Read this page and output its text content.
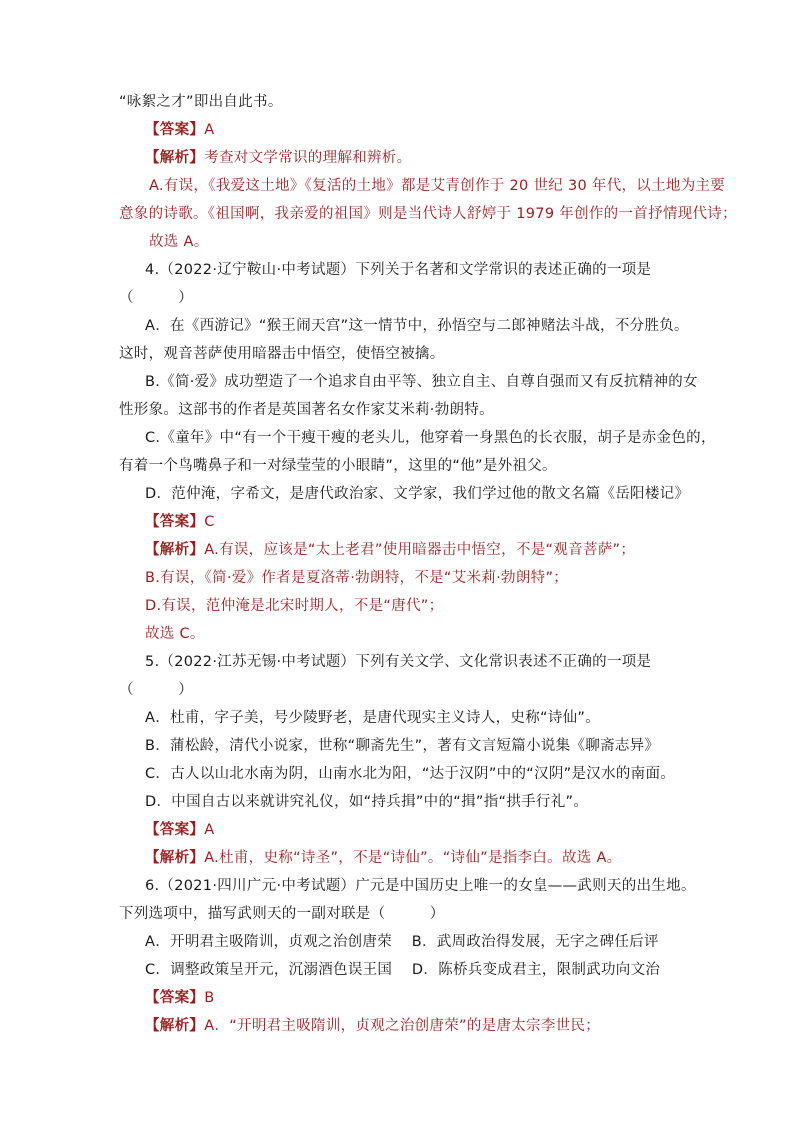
“咏絮之才”即出自此书。
【答案】A
【解析】考查对文学常识的理解和辨析。
A.有误，《我爱这土地》《复活的土地》都是艾青创作于 20 世纪 30 年代，以土地为主要
意象的诗歌。《祖国啊，我亲爱的祖国》则是当代诗人舒婷于 1979 年创作的一首抒情现代诗；
故选 A。
4.（2022·辽宁鞍山·中考试题）下列关于名著和文学常识的表述正确的一项是
（　　　）
A．在《西游记》“猴王闹天宫”这一情节中，孙悟空与二郎神赌法斗战，不分胜负。
这时，观音菩萨使用暗器击中悟空，使悟空被擒。
B.《简·爱》成功塑造了一个追求自由平等、独立自主、自尊自强而又有反抗精神的女
性形象。这部书的作者是英国著名女作家艾米莉·勃朗特。
C.《童年》中“有一个干瘦干瘦的老头儿，他穿着一身黑色的长衣服，胡子是赤金色的，
有着一个鸟嘴鼻子和一对绿莹莹的小眼睛”，这里的“他”是外祖父。
D．范仲淹，字希文，是唐代政治家、文学家，我们学过他的散文名篇《岳阳楼记》
【答案】C
【解析】A.有误，应该是“太上老君”使用暗器击中悟空，不是“观音菩萨”；
B.有误，《简·爱》作者是夏洛蒂·勃朗特，不是“艾米莉·勃朗特”；
D.有误，范仲淹是北宋时期人，不是“唐代”；
故选 C。
5.（2022·江苏无锡·中考试题）下列有关文学、文化常识表述不正确的一项是
（　　　）
A．杜甫，字子美，号少陵野老，是唐代现实主义诗人，史称“诗仙”。
B．蒲松龄，清代小说家，世称“聊斋先生”，著有文言短篇小说集《聊斋志异》
C．古人以山北水南为阴，山南水北为阳，“达于汉阴”中的“汉阴”是汉水的南面。
D．中国自古以来就讲究礼仪，如“持兵揖”中的“揖”指“拱手行礼”。
【答案】A
【解析】A.杜甫，史称“诗圣”，不是“诗仙”。“诗仙”是指李白。故选 A。
6.（2021·四川广元·中考试题）广元是中国历史上唯一的女皇——武则天的出生地。
下列选项中，描写武则天的一副对联是（　　　）
A．开明君主吸隋训，贞观之治创唐荣　 B．武周政治得发展，无字之碑任后评
C．调整政策呈开元，沉溺酒色误王国　 D．陈桥兵变成君主，限制武功向文治
【答案】B
【解析】A．“开明君主吸隋训，贞观之治创唐荣”的是唐太宗李世民；
